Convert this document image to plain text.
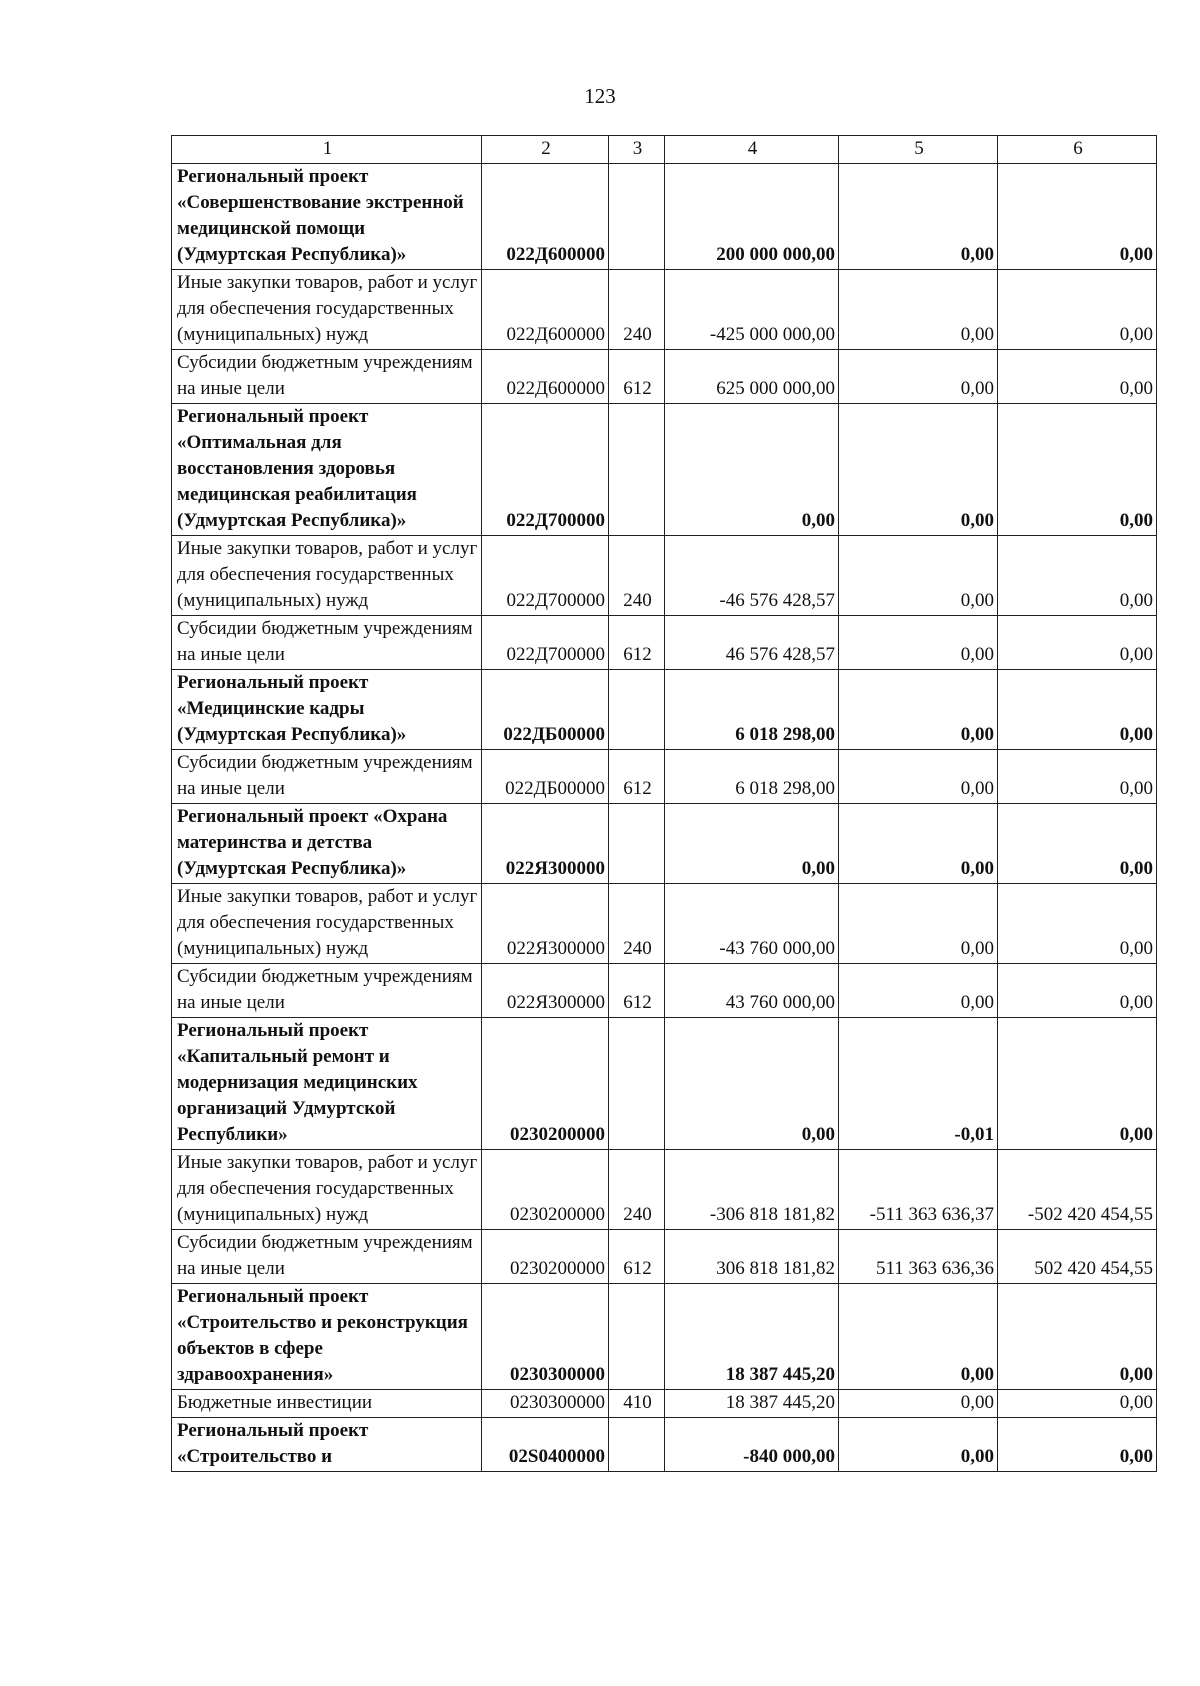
123
1	2	3	4	5	6
Региональный проект «Совершенствование экстренной медицинской помощи (Удмуртская Республика)»	022Д600000		200 000 000,00	0,00	0,00
Иные закупки товаров, работ и услуг для обеспечения государственных (муниципальных) нужд	022Д600000	240	-425 000 000,00	0,00	0,00
Субсидии бюджетным учреждениям на иные цели	022Д600000	612	625 000 000,00	0,00	0,00
Региональный проект «Оптимальная для восстановления здоровья медицинская реабилитация (Удмуртская Республика)»	022Д700000		0,00	0,00	0,00
Иные закупки товаров, работ и услуг для обеспечения государственных (муниципальных) нужд	022Д700000	240	-46 576 428,57	0,00	0,00
Субсидии бюджетным учреждениям на иные цели	022Д700000	612	46 576 428,57	0,00	0,00
Региональный проект «Медицинские кадры (Удмуртская Республика)»	022ДБ00000		6 018 298,00	0,00	0,00
Субсидии бюджетным учреждениям на иные цели	022ДБ00000	612	6 018 298,00	0,00	0,00
Региональный проект «Охрана материнства и детства (Удмуртская Республика)»	022Я300000		0,00	0,00	0,00
Иные закупки товаров, работ и услуг для обеспечения государственных (муниципальных) нужд	022Я300000	240	-43 760 000,00	0,00	0,00
Субсидии бюджетным учреждениям на иные цели	022Я300000	612	43 760 000,00	0,00	0,00
Региональный проект «Капитальный ремонт и модернизация медицинских организаций Удмуртской Республики»	0230200000		0,00	-0,01	0,00
Иные закупки товаров, работ и услуг для обеспечения государственных (муниципальных) нужд	0230200000	240	-306 818 181,82	-511 363 636,37	-502 420 454,55
Субсидии бюджетным учреждениям на иные цели	0230200000	612	306 818 181,82	511 363 636,36	502 420 454,55
Региональный проект «Строительство и реконструкция объектов в сфере здравоохранения»	0230300000		18 387 445,20	0,00	0,00
Бюджетные инвестиции	0230300000	410	18 387 445,20	0,00	0,00
Региональный проект «Строительство и	02S0400000		-840 000,00	0,00	0,00
